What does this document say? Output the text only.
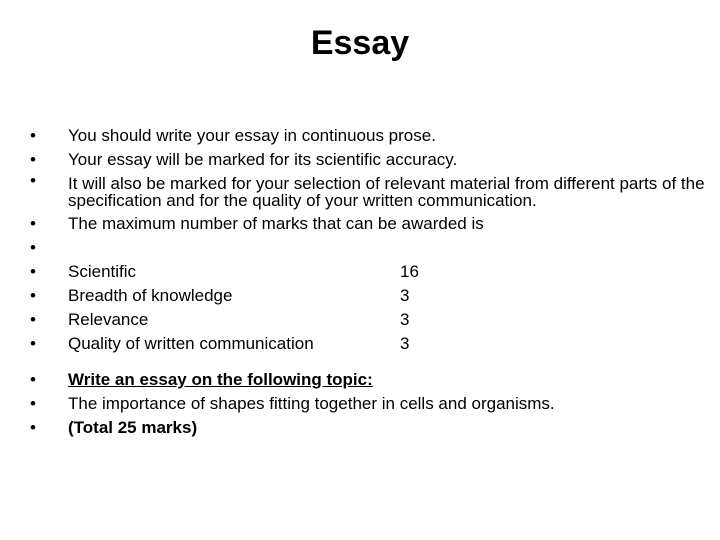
Essay
• You should write your essay in continuous prose.
• Your essay will be marked for its scientific accuracy.
• It will also be marked for your selection of relevant material from different parts of the specification and for the quality of your written communication.
• The maximum number of marks that can be awarded is
•
• Scientific	16
• Breadth of knowledge	3
• Relevance	3
• Quality of written communication	3
• Write an essay on the following topic:
• The importance of shapes fitting together in cells and organisms.
• (Total 25 marks)
